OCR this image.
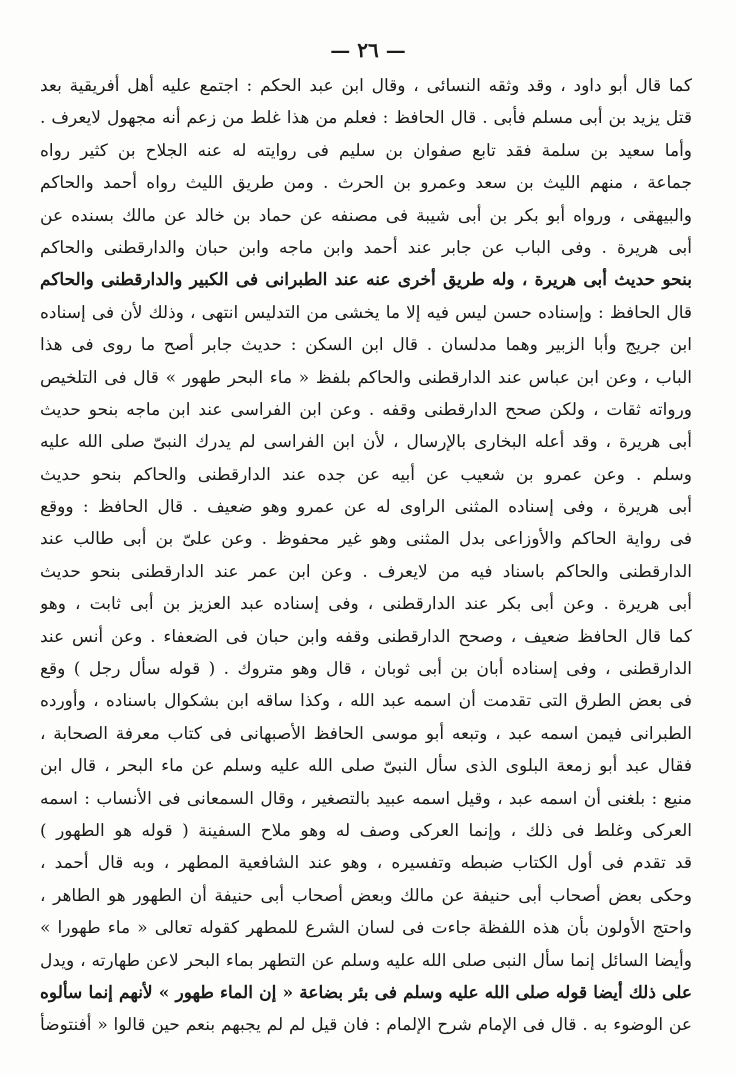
— ٢٦ —
كما قال أبو داود ، وقد وثقه النسائى ، وقال ابن عبد الحكم : اجتمع عليه أهل أفريقية بعد
قتل يزيد بن أبى مسلم فأبى . قال الحافظ : فعلم من هذا غلط من زعم أنه مجهول لايعرف .
وأما سعيد بن سلمة فقد تابع صفوان بن سليم فى روايته له عنه الجلاح بن كثير رواه
جماعة ، منهم الليث بن سعد وعمرو بن الحرث . ومن طريق الليث رواه أحمد والحاكم
والبيهقى ، ورواه أبو بكر بن أبى شيبة فى مصنفه عن حماد بن خالد عن مالك بسنده عن
أبى هريرة . وفى الباب عن جابر عند أحمد وابن ماجه وابن حبان والدارقطنى والحاكم
بنحو حديث أبى هريرة ، وله طريق أخرى عنه عند الطبرانى فى الكبير والدارقطنى والحاكم
قال الحافظ : وإسناده حسن ليس فيه إلا ما يخشى من التدليس انتهى ، وذلك لأن فى إسناده
ابن جريج وأبا الزبير وهما مدلسان . قال ابن السكن : حديث جابر أصح ما روى فى هذا
الباب ، وعن ابن عباس عند الدارقطنى والحاكم بلفظ « ماء البحر طهور » قال فى التلخيص
ورواته ثقات ، ولكن صحح الدارقطنى وقفه . وعن ابن الفراسى عند ابن ماجه بنحو حديث
أبى هريرة ، وقد أعله البخارى بالإرسال ، لأن ابن الفراسى لم يدرك النبىّ صلى الله عليه
وسلم . وعن عمرو بن شعيب عن أبيه عن جده عند الدارقطنى والحاكم بنحو حديث
أبى هريرة ، وفى إسناده المثنى الراوى له عن عمرو وهو ضعيف . قال الحافظ : ووقع
فى رواية الحاكم والأوزاعى بدل المثنى وهو غير محفوظ . وعن علىّ بن أبى طالب عند
الدارقطنى والحاكم باسناد فيه من لايعرف . وعن ابن عمر عند الدارقطنى بنحو حديث
أبى هريرة . وعن أبى بكر عند الدارقطنى ، وفى إسناده عبد العزيز بن أبى ثابت ، وهو
كما قال الحافظ ضعيف ، وصحح الدارقطنى وقفه وابن حبان فى الضعفاء . وعن أنس عند
الدارقطنى ، وفى إسناده أبان بن أبى ثوبان ، قال وهو متروك . ( قوله سأل رجل ) وقع
فى بعض الطرق التى تقدمت أن اسمه عبد الله ، وكذا ساقه ابن بشكوال باسناده ، وأورده
الطبرانى فيمن اسمه عبد ، وتبعه أبو موسى الحافظ الأصبهانى فى كتاب معرفة الصحابة ،
فقال عبد أبو زمعة البلوى الذى سأل النبىّ صلى الله عليه وسلم عن ماء البحر ، قال ابن
منيع : بلغنى أن اسمه عبد ، وقيل اسمه عبيد بالتصغير ، وقال السمعانى فى الأنساب : اسمه
العركى وغلط فى ذلك ، وإنما العركى وصف له وهو ملاح السفينة ( قوله هو الطهور )
قد تقدم فى أول الكتاب ضبطه وتفسيره ، وهو عند الشافعية المطهر ، وبه قال أحمد ،
وحكى بعض أصحاب أبى حنيفة عن مالك وبعض أصحاب أبى حنيفة أن الطهور هو الطاهر ،
واحتج الأولون بأن هذه اللفظة جاءت فى لسان الشرع للمطهر كقوله تعالى « ماء طهورا »
وأيضا السائل إنما سأل النبى صلى الله عليه وسلم عن التطهر بماء البحر لاعن طهارته ، ويدل
على ذلك أيضا قوله صلى الله عليه وسلم فى بئر بضاعة « إن الماء طهور » لأنهم إنما سألوه
عن الوضوء به . قال فى الإمام شرح الإلمام : فان قيل لم لم يجبهم بنعم حين قالوا « أفنتوضأ
